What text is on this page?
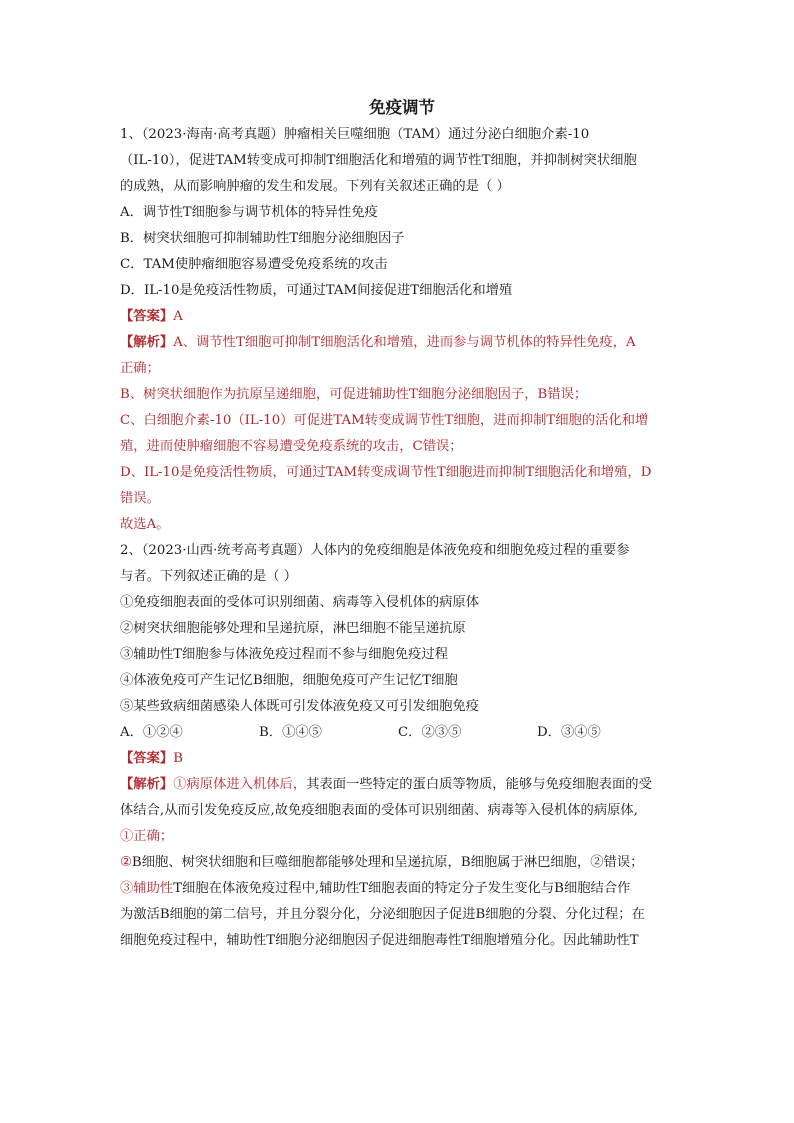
免疫调节
1、（2023·海南·高考真题）肿瘤相关巨噬细胞（TAM）通过分泌白细胞介素-10
（IL-10），促进TAM转变成可抑制T细胞活化和增殖的调节性T细胞，并抑制树突状细胞
的成熟，从而影响肿瘤的发生和发展。下列有关叙述正确的是（ ）
A．调节性T细胞参与调节机体的特异性免疫
B．树突状细胞可抑制辅助性T细胞分泌细胞因子
C．TAM使肿瘤细胞容易遭受免疫系统的攻击
D．IL-10是免疫活性物质，可通过TAM间接促进T细胞活化和增殖
【答案】A
【解析】A、调节性T细胞可抑制T细胞活化和增殖，进而参与调节机体的特异性免疫，A
正确；
B、树突状细胞作为抗原呈递细胞，可促进辅助性T细胞分泌细胞因子，B错误；
C、白细胞介素-10（IL-10）可促进TAM转变成调节性T细胞，进而抑制T细胞的活化和增
殖，进而使肿瘤细胞不容易遭受免疫系统的攻击，C错误；
D、IL-10是免疫活性物质，可通过TAM转变成调节性T细胞进而抑制T细胞活化和增殖，D
错误。
故选A。
2、（2023·山西·统考高考真题）人体内的免疫细胞是体液免疫和细胞免疫过程的重要参
与者。下列叙述正确的是（ ）
①免疫细胞表面的受体可识别细菌、病毒等入侵机体的病原体
②树突状细胞能够处理和呈递抗原，淋巴细胞不能呈递抗原
③辅助性T细胞参与体液免疫过程而不参与细胞免疫过程
④体液免疫可产生记忆B细胞，细胞免疫可产生记忆T细胞
⑤某些致病细菌感染人体既可引发体液免疫又可引发细胞免疫
A．①②④	B．①④⑤	C．②③⑤	D．③④⑤
【答案】B
【解析】①病原体进入机体后，其表面一些特定的蛋白质等物质，能够与免疫细胞表面的受
体结合,从而引发免疫反应,故免疫细胞表面的受体可识别细菌、病毒等入侵机体的病原体,
①正确；
②B细胞、树突状细胞和巨噬细胞都能够处理和呈递抗原，B细胞属于淋巴细胞，②错误；
③辅助性T细胞在体液免疫过程中,辅助性T细胞表面的特定分子发生变化与B细胞结合作
为激活B细胞的第二信号，并且分裂分化，分泌细胞因子促进B细胞的分裂、分化过程；在
细胞免疫过程中，辅助性T细胞分泌细胞因子促进细胞毒性T细胞增殖分化。因此辅助性T
